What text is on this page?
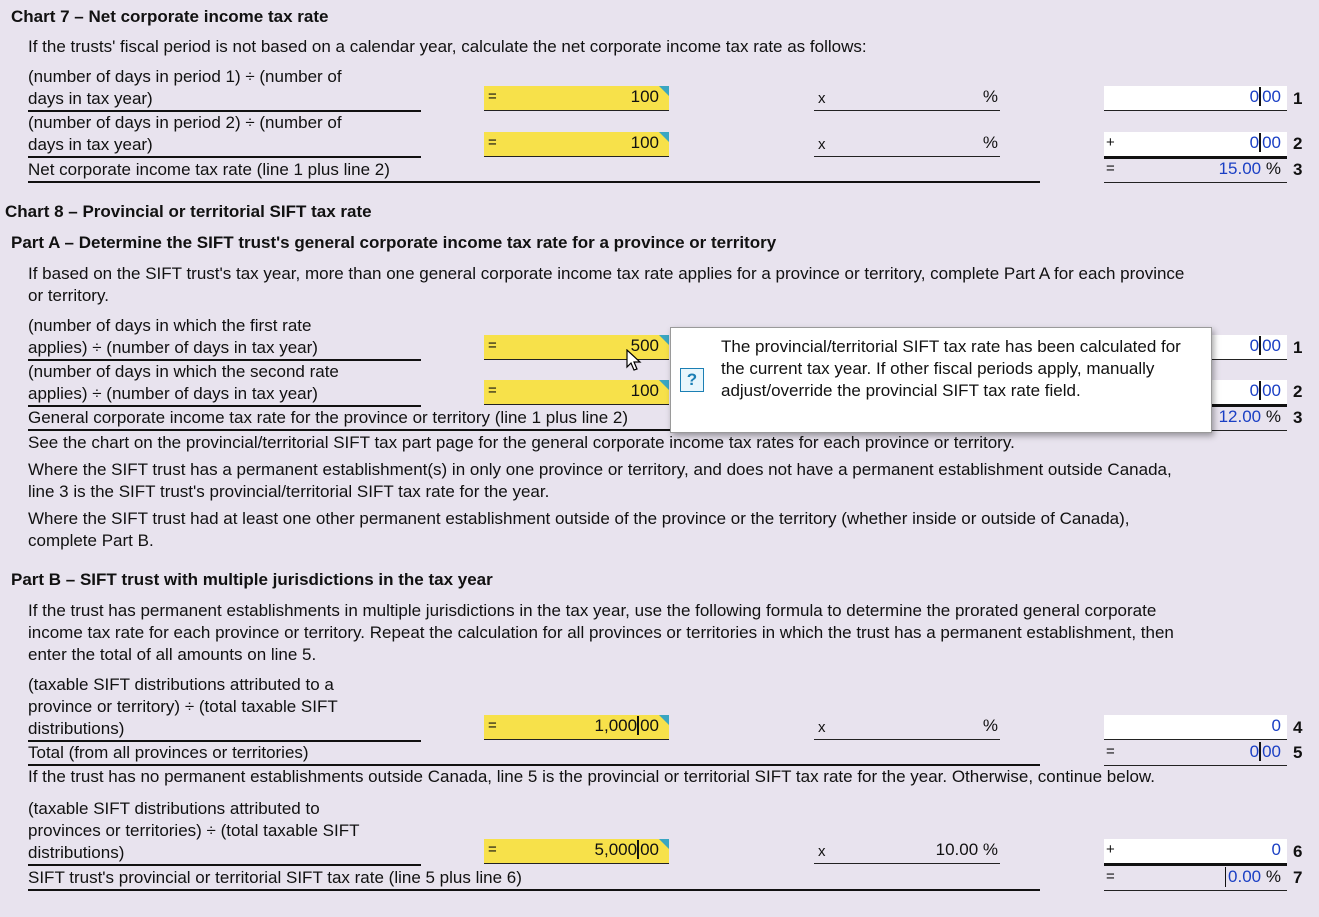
Chart 7 – Net corporate income tax rate
If the trusts' fiscal period is not based on a calendar year, calculate the net corporate income tax rate as follows:
(number of days in period 1) ÷ (number of
days in tax year)	=	100	x	%	0 00 1
(number of days in period 2) ÷ (number of
days in tax year)	=	100	x	%	+	0 00 2
Net corporate income tax rate (line 1 plus line 2)	=	15.00 % 3
Chart 8 – Provincial or territorial SIFT tax rate
Part A – Determine the SIFT trust's general corporate income tax rate for a province or territory
If based on the SIFT trust's tax year, more than one general corporate income tax rate applies for a province or territory, complete Part A for each province
or territory.
(number of days in which the first rate
applies) ÷ (number of days in tax year)	=	500	0 00 1
(number of days in which the second rate
applies) ÷ (number of days in tax year)	=	100	0 00 2
General corporate income tax rate for the province or territory (line 1 plus line 2)	12.00 % 3
See the chart on the provincial/territorial SIFT tax part page for the general corporate income tax rates for each province or territory.
Where the SIFT trust has a permanent establishment(s) in only one province or territory, and does not have a permanent establishment outside Canada,
line 3 is the SIFT trust's provincial/territorial SIFT tax rate for the year.
Where the SIFT trust had at least one other permanent establishment outside of the province or the territory (whether inside or outside of Canada),
complete Part B.
Part B – SIFT trust with multiple jurisdictions in the tax year
If the trust has permanent establishments in multiple jurisdictions in the tax year, use the following formula to determine the prorated general corporate
income tax rate for each province or territory. Repeat the calculation for all provinces or territories in which the trust has a permanent establishment, then
enter the total of all amounts on line 5.
(taxable SIFT distributions attributed to a
province or territory) ÷ (total taxable SIFT
distributions)	=	1,000 00	x	%	0 4
Total (from all provinces or territories)	=	0 00 5
If the trust has no permanent establishments outside Canada, line 5 is the provincial or territorial SIFT tax rate for the year. Otherwise, continue below.
(taxable SIFT distributions attributed to
provinces or territories) ÷ (total taxable SIFT
distributions)	=	5,000 00	x	10.00 %	+	0 6
SIFT trust's provincial or territorial SIFT tax rate (line 5 plus line 6)	=	0.00 % 7
?
The provincial/territorial SIFT tax rate has been calculated for the current tax year. If other fiscal periods apply, manually adjust/override the provincial SIFT tax rate field.
